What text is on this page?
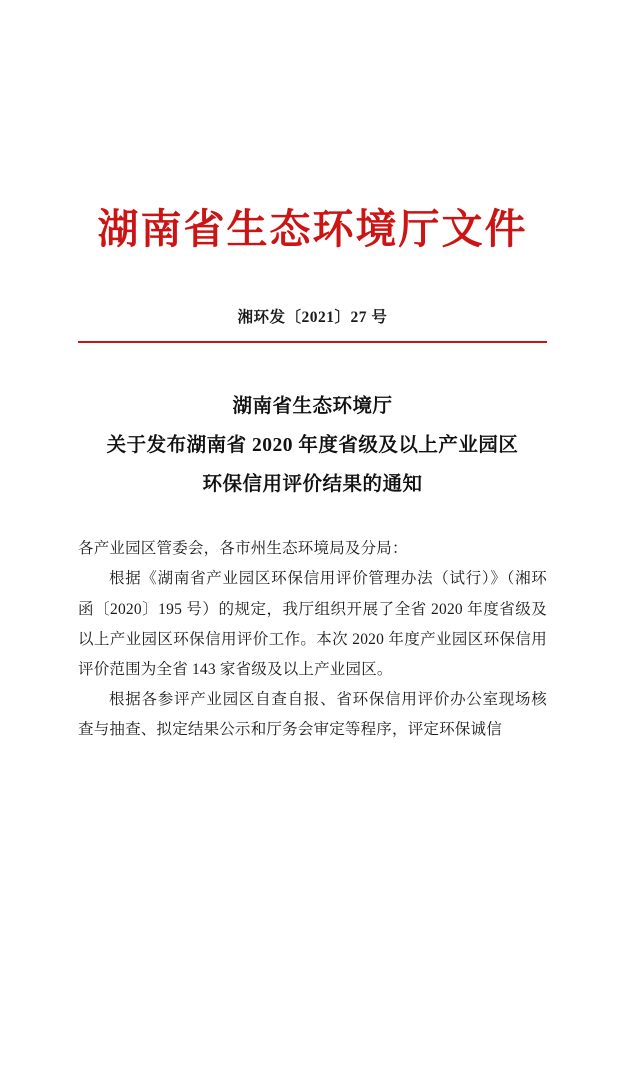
湖南省生态环境厅文件
湘环发〔2021〕27 号
湖南省生态环境厅
关于发布湖南省 2020 年度省级及以上产业园区
环保信用评价结果的通知
各产业园区管委会，各市州生态环境局及分局：

根据《湖南省产业园区环保信用评价管理办法（试行）》（湘环函〔2020〕195 号）的规定，我厅组织开展了全省 2020 年度省级及以上产业园区环保信用评价工作。本次 2020 年度产业园区环保信用评价范围为全省 143 家省级及以上产业园区。

根据各参评产业园区自查自报、省环保信用评价办公室现场核查与抽查、拟定结果公示和厅务会审定等程序，评定环保诚信
